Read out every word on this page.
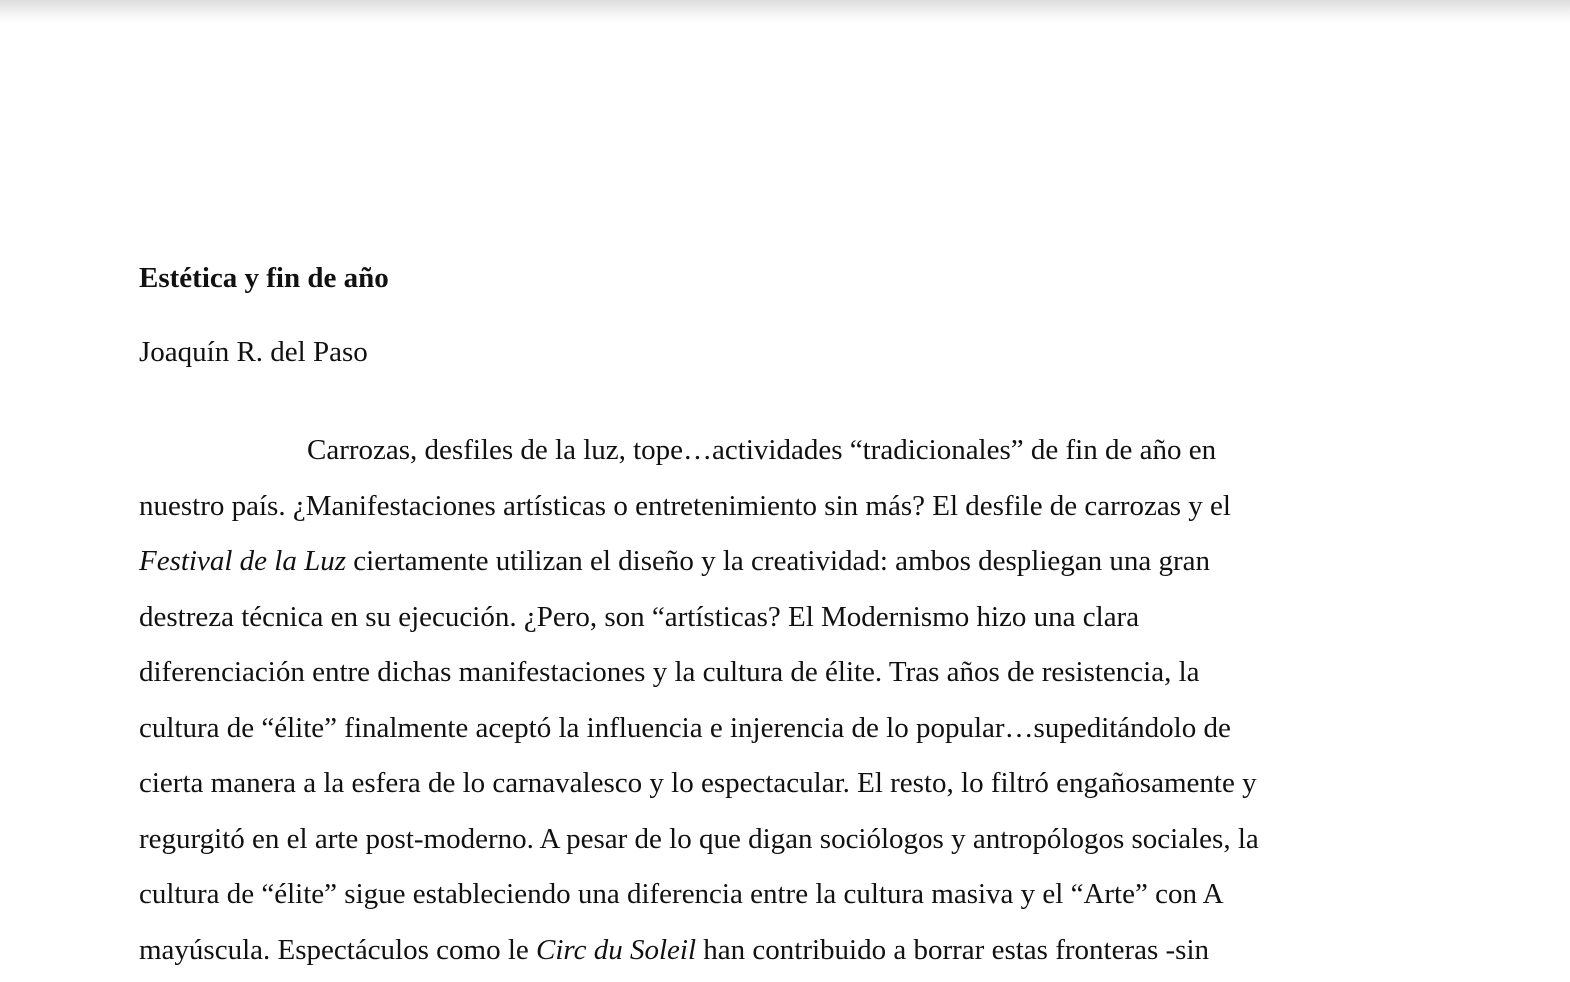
Estética y fin de año

Joaquín R. del Paso

Carrozas, desfiles de la luz, tope…actividades “tradicionales” de fin de año en
nuestro país. ¿Manifestaciones artísticas o entretenimiento sin más? El desfile de carrozas y el
Festival de la Luz ciertamente utilizan el diseño y la creatividad: ambos despliegan una gran
destreza técnica en su ejecución. ¿Pero, son “artísticas? El Modernismo hizo una clara
diferenciación entre dichas manifestaciones y la cultura de élite. Tras años de resistencia, la
cultura de “élite” finalmente aceptó la influencia e injerencia de lo popular…supeditándolo de
cierta manera a la esfera de lo carnavalesco y lo espectacular. El resto, lo filtró engañosamente y
regurgitó en el arte post-moderno. A pesar de lo que digan sociólogos y antropólogos sociales, la
cultura de “élite” sigue estableciendo una diferencia entre la cultura masiva y el “Arte” con A
mayúscula. Espectáculos como le Circ du Soleil han contribuido a borrar estas fronteras -sin
